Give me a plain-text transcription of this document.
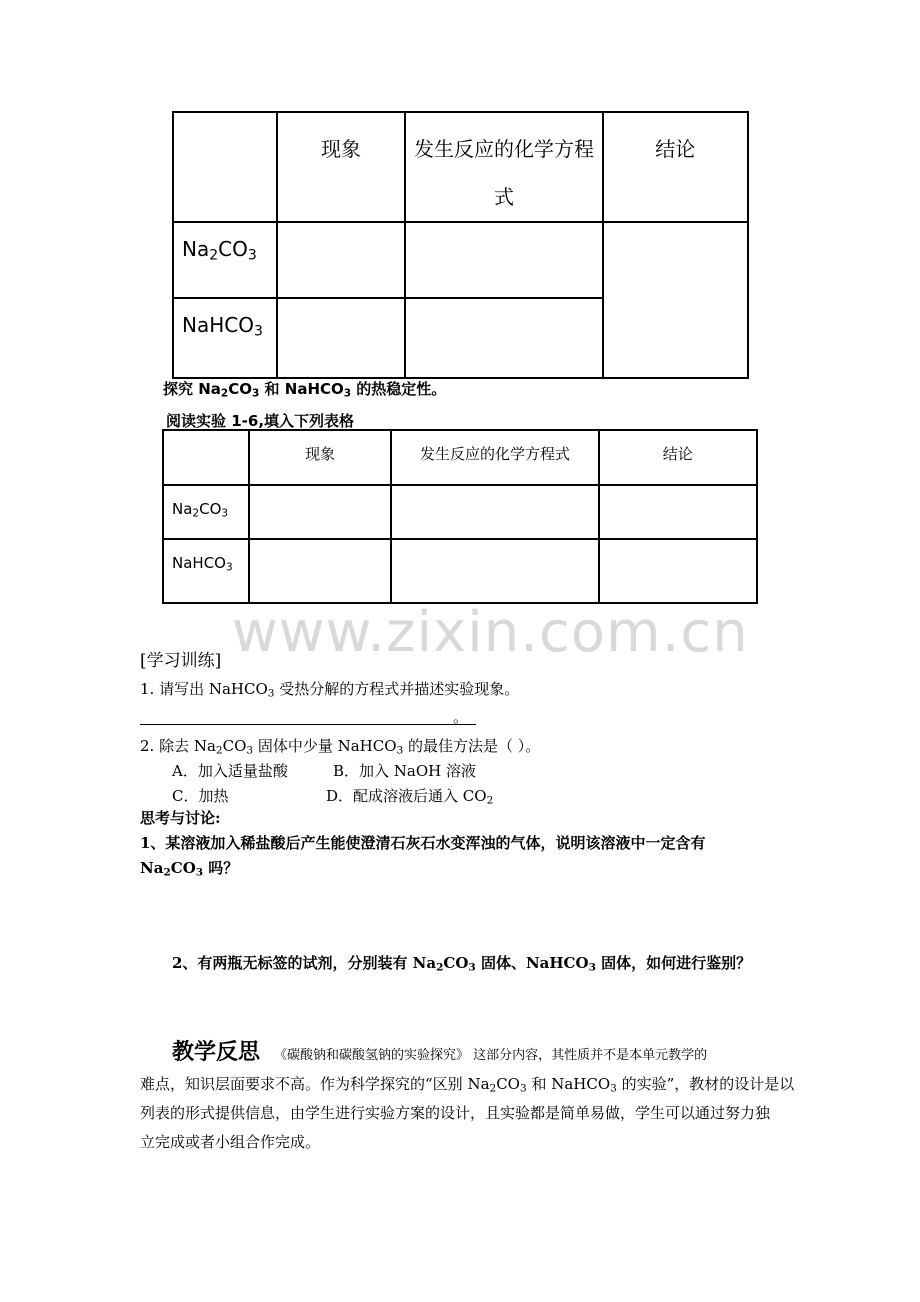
	现象	发生反应的化学方程式	结论
$Na_2CO_3$			
NaHCO$_3$		
探究 $Na_2CO_3$ 和 NaHCO$_3$ 的热稳定性。
阅读实验 1-6,填入下列表格
	现象	发生反应的化学方程式	结论
$Na_2CO_3$			
NaHCO$_3$			
www.zixin.com.cn
[学习训练]
1. 请写出 NaHCO$_3$ 受热分解的方程式并描述实验现象。
。
2. 除去 $Na_2CO_3$ 固体中少量 NaHCO$_3$ 的最佳方法是（ ）。
A．加入适量盐酸	B．加入 NaOH 溶液
C．加热	D．配成溶液后通入 $CO_2$
思考与讨论:
1、某溶液加入稀盐酸后产生能使澄清石灰石水变浑浊的气体，说明该溶液中一定含有
$Na_2CO_3$ 吗？
2、有两瓶无标签的试剂，分别装有 $Na_2CO_3$ 固体、NaHCO$_3$ 固体，如何进行鉴别？
教学反思 《碳酸钠和碳酸氢钠的实验探究》 这部分内容，其性质并不是本单元教学的
难点，知识层面要求不高。作为科学探究的“区别 $Na_2CO_3$ 和 NaHCO$_3$ 的实验”，教材的设计是以
列表的形式提供信息，由学生进行实验方案的设计，且实验都是简单易做，学生可以通过努力独
立完成或者小组合作完成。
